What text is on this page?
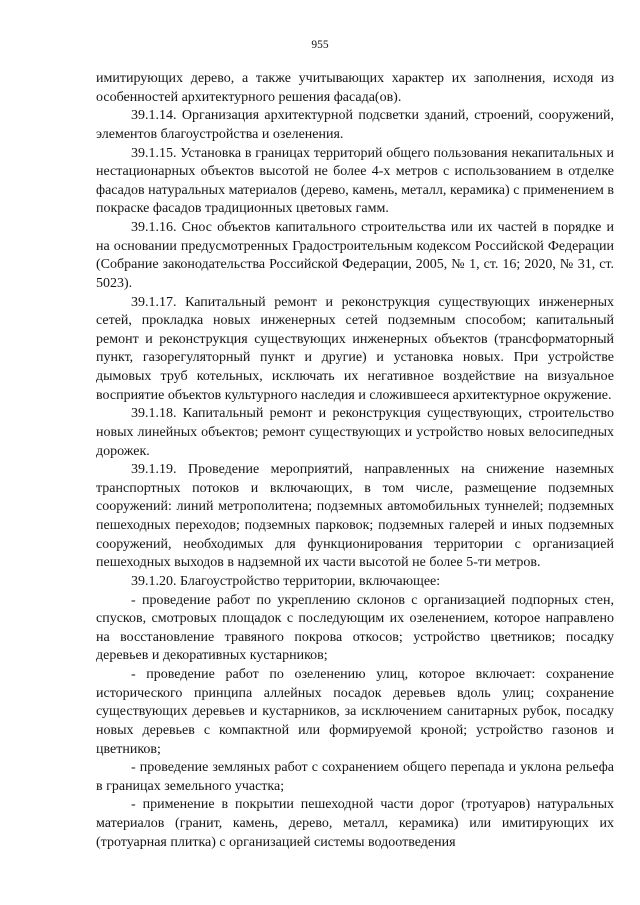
955

имитирующих дерево, а также учитывающих характер их заполнения, исходя из особенностей архитектурного решения фасада(ов).

39.1.14. Организация архитектурной подсветки зданий, строений, сооружений, элементов благоустройства и озеленения.

39.1.15. Установка в границах территорий общего пользования некапитальных и нестационарных объектов высотой не более 4-х метров с использованием в отделке фасадов натуральных материалов (дерево, камень, металл, керамика) с применением в покраске фасадов традиционных цветовых гамм.

39.1.16. Снос объектов капитального строительства или их частей в порядке и на основании предусмотренных Градостроительным кодексом Российской Федерации (Собрание законодательства Российской Федерации, 2005, № 1, ст. 16; 2020, № 31, ст. 5023).

39.1.17. Капитальный ремонт и реконструкция существующих инженерных сетей, прокладка новых инженерных сетей подземным способом; капитальный ремонт и реконструкция существующих инженерных объектов (трансформаторный пункт, газорегуляторный пункт и другие) и установка новых. При устройстве дымовых труб котельных, исключать их негативное воздействие на визуальное восприятие объектов культурного наследия и сложившееся архитектурное окружение.

39.1.18. Капитальный ремонт и реконструкция существующих, строительство новых линейных объектов; ремонт существующих и устройство новых велосипедных дорожек.

39.1.19. Проведение мероприятий, направленных на снижение наземных транспортных потоков и включающих, в том числе, размещение подземных сооружений: линий метрополитена; подземных автомобильных туннелей; подземных пешеходных переходов; подземных парковок; подземных галерей и иных подземных сооружений, необходимых для функционирования территории с организацией пешеходных выходов в надземной их части высотой не более 5-ти метров.

39.1.20. Благоустройство территории, включающее:

- проведение работ по укреплению склонов с организацией подпорных стен, спусков, смотровых площадок с последующим их озеленением, которое направлено на восстановление травяного покрова откосов; устройство цветников; посадку деревьев и декоративных кустарников;

- проведение работ по озеленению улиц, которое включает: сохранение исторического принципа аллейных посадок деревьев вдоль улиц; сохранение существующих деревьев и кустарников, за исключением санитарных рубок, посадку новых деревьев с компактной или формируемой кроной; устройство газонов и цветников;

- проведение земляных работ с сохранением общего перепада и уклона рельефа в границах земельного участка;

- применение в покрытии пешеходной части дорог (тротуаров) натуральных материалов (гранит, камень, дерево, металл, керамика) или имитирующих их (тротуарная плитка) с организацией системы водоотведения
